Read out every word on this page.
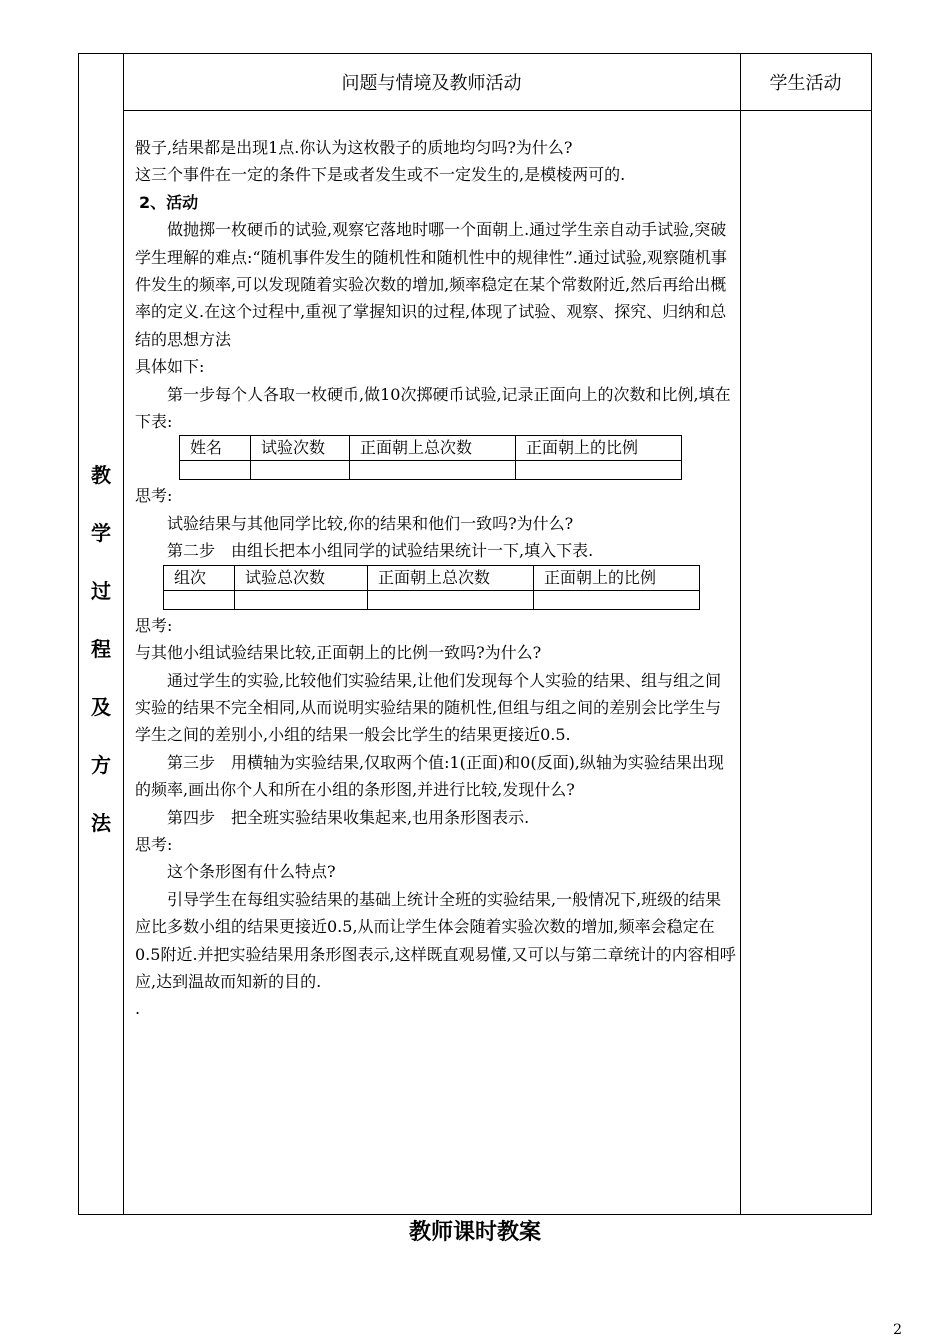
问题与情境及教师活动	学生活动
教
学
过
程
及
方
法

骰子,结果都是出现1点.你认为这枚骰子的质地均匀吗?为什么?

这三个事件在一定的条件下是或者发生或不一定发生的,是模棱两可的.

2、活动

做抛掷一枚硬币的试验,观察它落地时哪一个面朝上.通过学生亲自动手试验,突破学生理解的难点:“随机事件发生的随机性和随机性中的规律性”.通过试验,观察随机事件发生的频率,可以发现随着实验次数的增加,频率稳定在某个常数附近,然后再给出概率的定义.在这个过程中,重视了掌握知识的过程,体现了试验、观察、探究、归纳和总结的思想方法

具体如下:

第一步每个人各取一枚硬币,做10次掷硬币试验,记录正面向上的次数和比例,填在下表:

姓名	试验次数	正面朝上总次数	正面朝上的比例

思考:

试验结果与其他同学比较,你的结果和他们一致吗?为什么?

第二步　由组长把本小组同学的试验结果统计一下,填入下表.

组次	试验总次数	正面朝上总次数	正面朝上的比例

思考:

与其他小组试验结果比较,正面朝上的比例一致吗?为什么?

通过学生的实验,比较他们实验结果,让他们发现每个人实验的结果、组与组之间实验的结果不完全相同,从而说明实验结果的随机性,但组与组之间的差别会比学生与学生之间的差别小,小组的结果一般会比学生的结果更接近0.5.

第三步　用横轴为实验结果,仅取两个值:1(正面)和0(反面),纵轴为实验结果出现的频率,画出你个人和所在小组的条形图,并进行比较,发现什么?

第四步　把全班实验结果收集起来,也用条形图表示.

思考:

这个条形图有什么特点?

引导学生在每组实验结果的基础上统计全班的实验结果,一般情况下,班级的结果应比多数小组的结果更接近0.5,从而让学生体会随着实验次数的增加,频率会稳定在0.5附近.并把实验结果用条形图表示,这样既直观易懂,又可以与第二章统计的内容相呼应,达到温故而知新的目的.

.

教师课时教案
2
